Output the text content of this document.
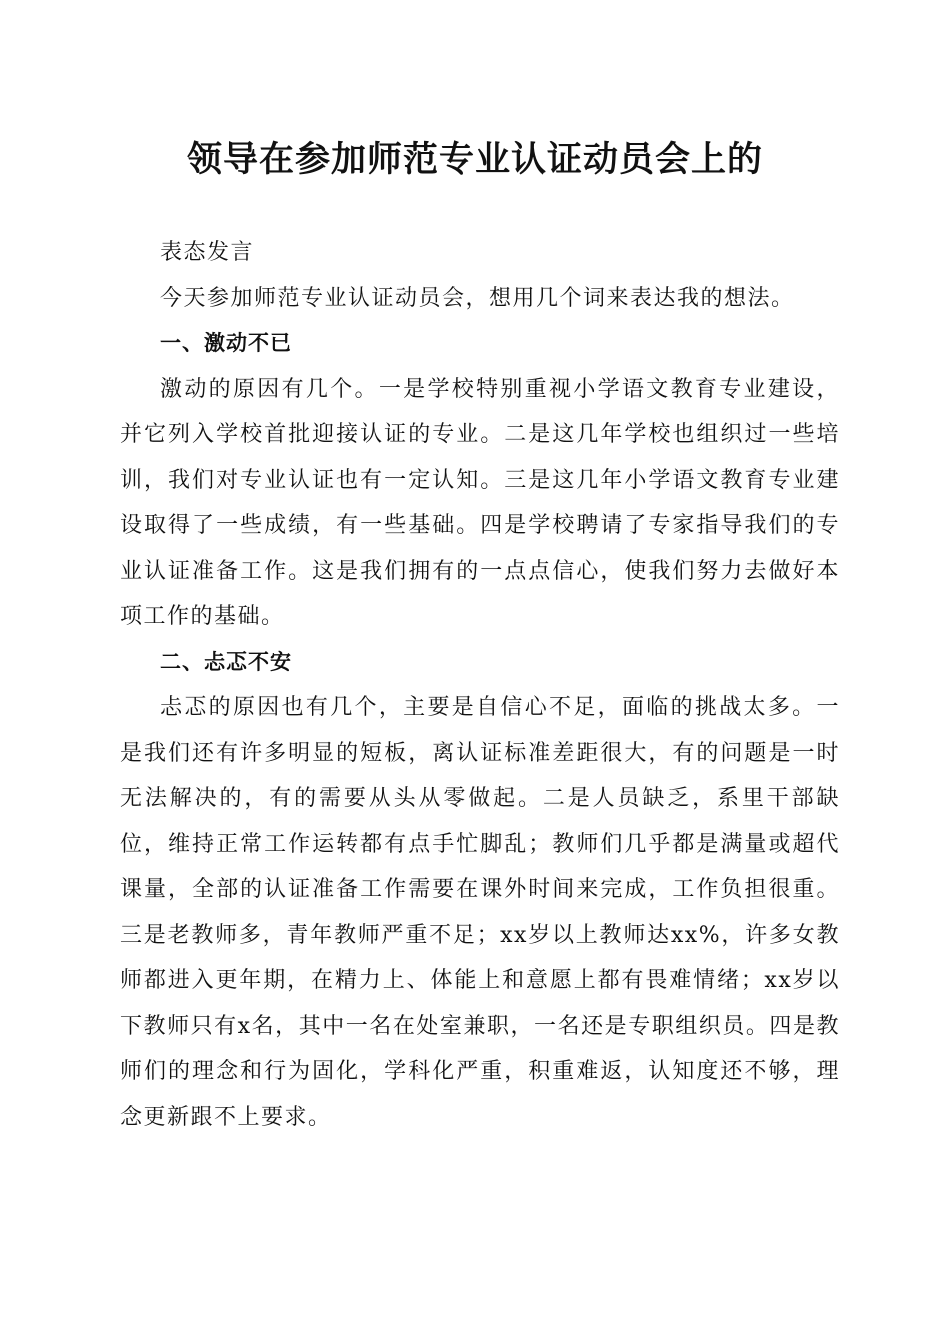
领导在参加师范专业认证动员会上的

表态发言

今天参加师范专业认证动员会，想用几个词来表达我的想法。

一、激动不已

激动的原因有几个。一是学校特别重视小学语文教育专业建设，并它列入学校首批迎接认证的专业。二是这几年学校也组织过一些培训，我们对专业认证也有一定认知。三是这几年小学语文教育专业建设取得了一些成绩，有一些基础。四是学校聘请了专家指导我们的专业认证准备工作。这是我们拥有的一点点信心，使我们努力去做好本项工作的基础。

二、忐忑不安

忐忑的原因也有几个，主要是自信心不足，面临的挑战太多。一是我们还有许多明显的短板，离认证标准差距很大，有的问题是一时无法解决的，有的需要从头从零做起。二是人员缺乏，系里干部缺位，维持正常工作运转都有点手忙脚乱；教师们几乎都是满量或超代课量，全部的认证准备工作需要在课外时间来完成，工作负担很重。三是老教师多，青年教师严重不足；xx岁以上教师达xx%，许多女教师都进入更年期，在精力上、体能上和意愿上都有畏难情绪；xx岁以下教师只有x名，其中一名在处室兼职，一名还是专职组织员。四是教师们的理念和行为固化，学科化严重，积重难返，认知度还不够，理念更新跟不上要求。
